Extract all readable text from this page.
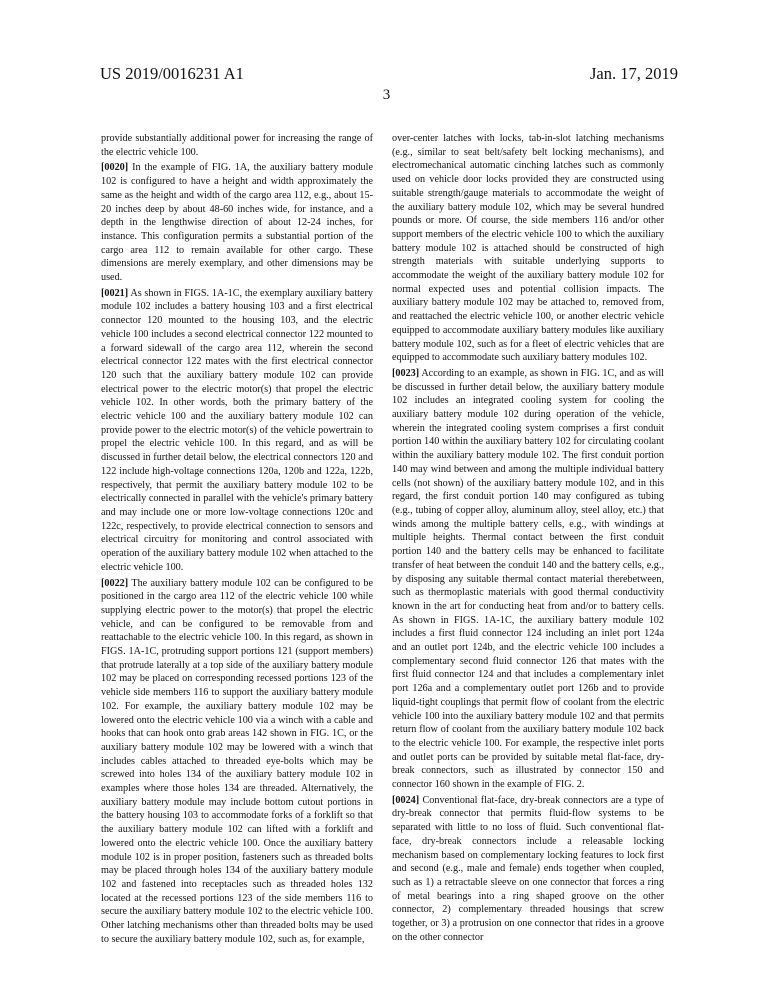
US 2019/0016231 A1	Jan. 17, 2019
3

provide substantially additional power for increasing the range of the electric vehicle 100.

[0020] In the example of FIG. 1A, the auxiliary battery module 102 is configured to have a height and width approximately the same as the height and width of the cargo area 112, e.g., about 15-20 inches deep by about 48-60 inches wide, for instance, and a depth in the lengthwise direction of about 12-24 inches, for instance. This configuration permits a substantial portion of the cargo area 112 to remain available for other cargo. These dimensions are merely exemplary, and other dimensions may be used.

[0021] As shown in FIGS. 1A-1C, the exemplary auxiliary battery module 102 includes a battery housing 103 and a first electrical connector 120 mounted to the housing 103, and the electric vehicle 100 includes a second electrical connector 122 mounted to a forward sidewall of the cargo area 112, wherein the second electrical connector 122 mates with the first electrical connector 120 such that the auxiliary battery module 102 can provide electrical power to the electric motor(s) that propel the electric vehicle 102. In other words, both the primary battery of the electric vehicle 100 and the auxiliary battery module 102 can provide power to the electric motor(s) of the vehicle powertrain to propel the electric vehicle 100. In this regard, and as will be discussed in further detail below, the electrical connectors 120 and 122 include high-voltage connections 120a, 120b and 122a, 122b, respectively, that permit the auxiliary battery module 102 to be electrically connected in parallel with the vehicle's primary battery and may include one or more low-voltage connections 120c and 122c, respectively, to provide electrical connection to sensors and electrical circuitry for monitoring and control associated with operation of the auxiliary battery module 102 when attached to the electric vehicle 100.

[0022] The auxiliary battery module 102 can be configured to be positioned in the cargo area 112 of the electric vehicle 100 while supplying electric power to the motor(s) that propel the electric vehicle, and can be configured to be removable from and reattachable to the electric vehicle 100. In this regard, as shown in FIGS. 1A-1C, protruding support portions 121 (support members) that protrude laterally at a top side of the auxiliary battery module 102 may be placed on corresponding recessed portions 123 of the vehicle side members 116 to support the auxiliary battery module 102. For example, the auxiliary battery module 102 may be lowered onto the electric vehicle 100 via a winch with a cable and hooks that can hook onto grab areas 142 shown in FIG. 1C, or the auxiliary battery module 102 may be lowered with a winch that includes cables attached to threaded eye-bolts which may be screwed into holes 134 of the auxiliary battery module 102 in examples where those holes 134 are threaded. Alternatively, the auxiliary battery module may include bottom cutout portions in the battery housing 103 to accommodate forks of a forklift so that the auxiliary battery module 102 can lifted with a forklift and lowered onto the electric vehicle 100. Once the auxiliary battery module 102 is in proper position, fasteners such as threaded bolts may be placed through holes 134 of the auxiliary battery module 102 and fastened into receptacles such as threaded holes 132 located at the recessed portions 123 of the side members 116 to secure the auxiliary battery module 102 to the electric vehicle 100. Other latching mechanisms other than threaded bolts may be used to secure the auxiliary battery module 102, such as, for example,

over-center latches with locks, tab-in-slot latching mechanisms (e.g., similar to seat belt/safety belt locking mechanisms), and electromechanical automatic cinching latches such as commonly used on vehicle door locks provided they are constructed using suitable strength/gauge materials to accommodate the weight of the auxiliary battery module 102, which may be several hundred pounds or more. Of course, the side members 116 and/or other support members of the electric vehicle 100 to which the auxiliary battery module 102 is attached should be constructed of high strength materials with suitable underlying supports to accommodate the weight of the auxiliary battery module 102 for normal expected uses and potential collision impacts. The auxiliary battery module 102 may be attached to, removed from, and reattached the electric vehicle 100, or another electric vehicle equipped to accommodate auxiliary battery modules like auxiliary battery module 102, such as for a fleet of electric vehicles that are equipped to accommodate such auxiliary battery modules 102.

[0023] According to an example, as shown in FIG. 1C, and as will be discussed in further detail below, the auxiliary battery module 102 includes an integrated cooling system for cooling the auxiliary battery module 102 during operation of the vehicle, wherein the integrated cooling system comprises a first conduit portion 140 within the auxiliary battery 102 for circulating coolant within the auxiliary battery module 102. The first conduit portion 140 may wind between and among the multiple individual battery cells (not shown) of the auxiliary battery module 102, and in this regard, the first conduit portion 140 may configured as tubing (e.g., tubing of copper alloy, aluminum alloy, steel alloy, etc.) that winds among the multiple battery cells, e.g., with windings at multiple heights. Thermal contact between the first conduit portion 140 and the battery cells may be enhanced to facilitate transfer of heat between the conduit 140 and the battery cells, e.g., by disposing any suitable thermal contact material therebetween, such as thermoplastic materials with good thermal conductivity known in the art for conducting heat from and/or to battery cells. As shown in FIGS. 1A-1C, the auxiliary battery module 102 includes a first fluid connector 124 including an inlet port 124a and an outlet port 124b, and the electric vehicle 100 includes a complementary second fluid connector 126 that mates with the first fluid connector 124 and that includes a complementary inlet port 126a and a complementary outlet port 126b and to provide liquid-tight couplings that permit flow of coolant from the electric vehicle 100 into the auxiliary battery module 102 and that permits return flow of coolant from the auxiliary battery module 102 back to the electric vehicle 100. For example, the respective inlet ports and outlet ports can be provided by suitable metal flat-face, dry-break connectors, such as illustrated by connector 150 and connector 160 shown in the example of FIG. 2.

[0024] Conventional flat-face, dry-break connectors are a type of dry-break connector that permits fluid-flow systems to be separated with little to no loss of fluid. Such conventional flat-face, dry-break connectors include a releasable locking mechanism based on complementary locking features to lock first and second (e.g., male and female) ends together when coupled, such as 1) a retractable sleeve on one connector that forces a ring of metal bearings into a ring shaped groove on the other connector, 2) complementary threaded housings that screw together, or 3) a protrusion on one connector that rides in a groove on the other connector
